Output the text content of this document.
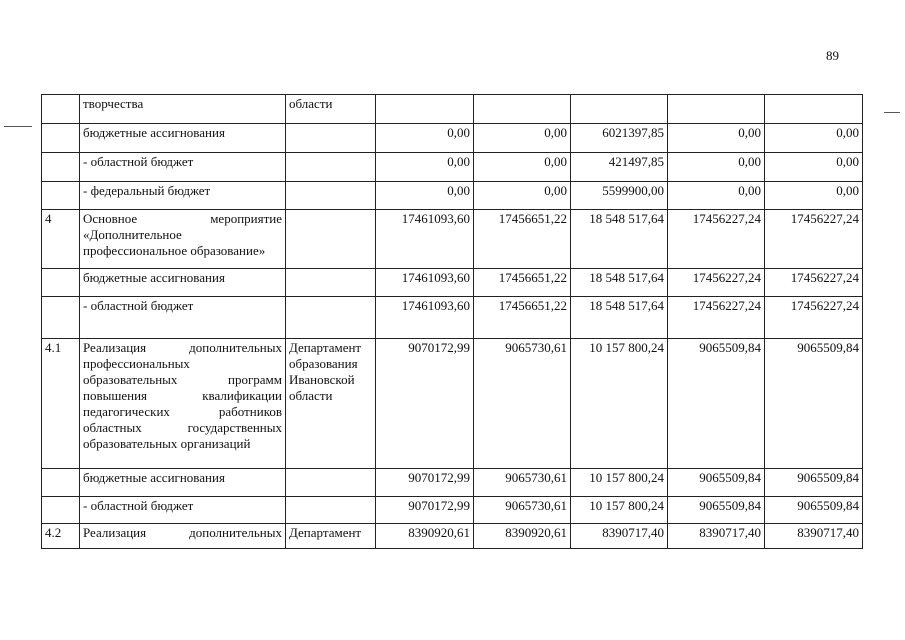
89
	творчества	области					
	бюджетные ассигнования		0,00	0,00	6021397,85	0,00	0,00
	- областной бюджет		0,00	0,00	421497,85	0,00	0,00
	- федеральный бюджет		0,00	0,00	5599900,00	0,00	0,00
4	Основное мероприятие «Дополнительное профессиональное образование»		17461093,60	17456651,22	18 548 517,64	17456227,24	17456227,24
	бюджетные ассигнования		17461093,60	17456651,22	18 548 517,64	17456227,24	17456227,24
	- областной бюджет		17461093,60	17456651,22	18 548 517,64	17456227,24	17456227,24
4.1	Реализация дополнительных профессиональных образовательных программ повышения квалификации педагогических работников областных государственных образовательных организаций	Департамент образования Ивановской области	9070172,99	9065730,61	10 157 800,24	9065509,84	9065509,84
	бюджетные ассигнования		9070172,99	9065730,61	10 157 800,24	9065509,84	9065509,84
	- областной бюджет		9070172,99	9065730,61	10 157 800,24	9065509,84	9065509,84
4.2	Реализация дополнительных	Департамент	8390920,61	8390920,61	8390717,40	8390717,40	8390717,40
